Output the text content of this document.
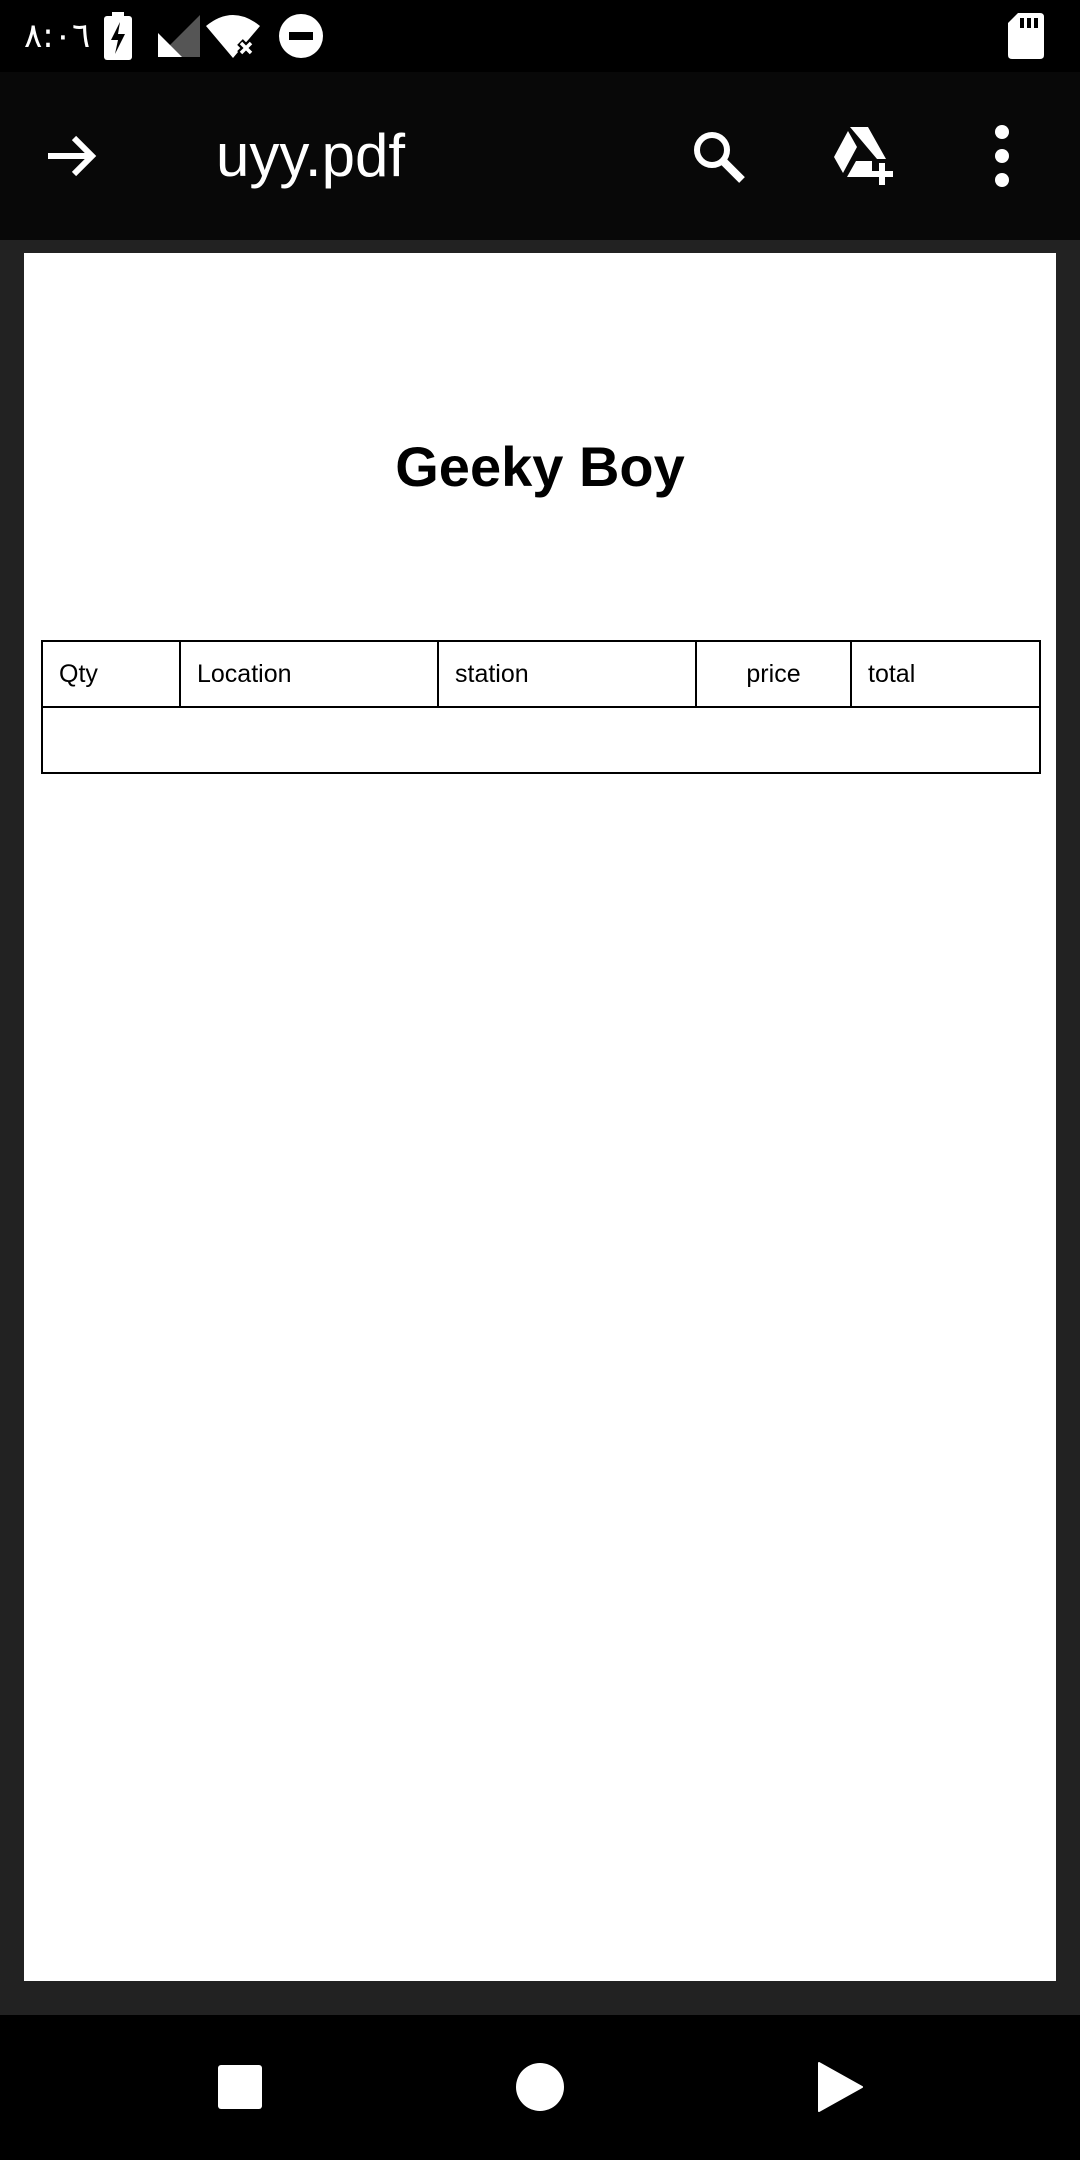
٨:٠٦
uyy.pdf
Geeky Boy
Qty	Location	station	price	total
